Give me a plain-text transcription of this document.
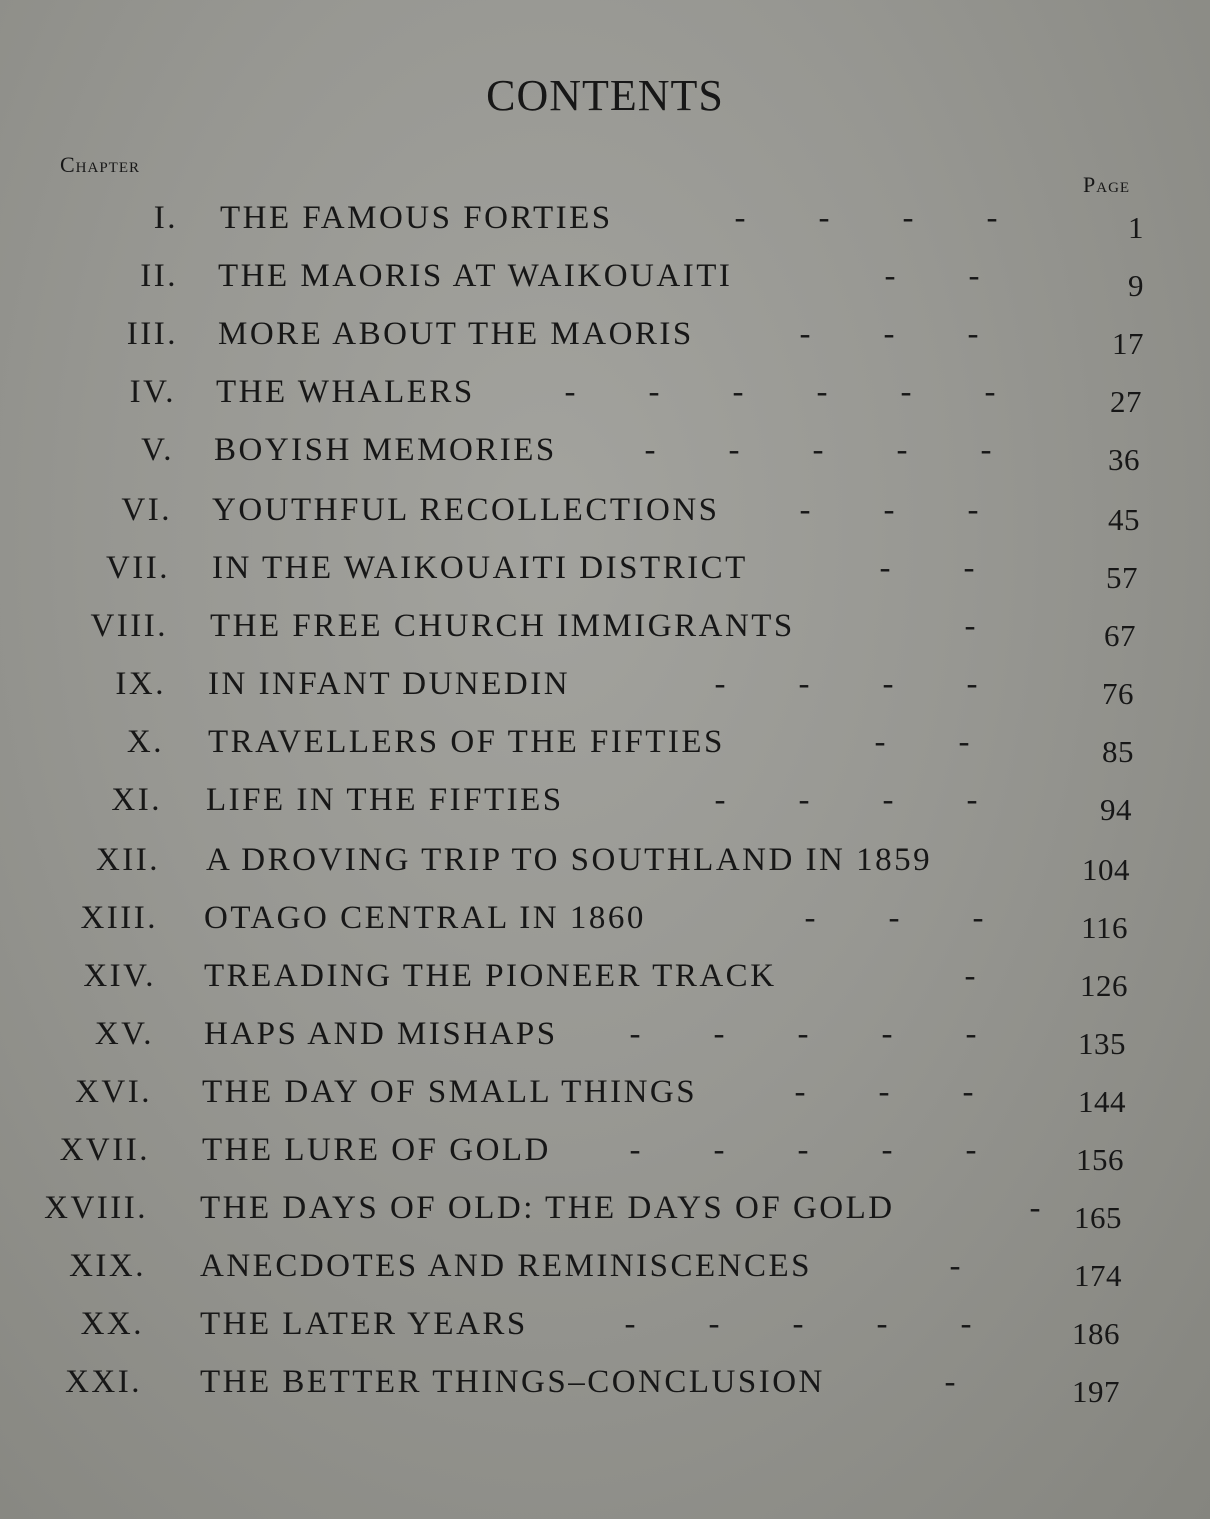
CONTENTS
Chapter
Page
I. THE FAMOUS FORTIES	- - - -	1
II. THE MAORIS AT WAIKOUAITI	- -	9
III. MORE ABOUT THE MAORIS	- - -	17
IV. THE WHALERS	- - - - - -	27
V. BOYISH MEMORIES	- - - - -	36
VI. YOUTHFUL RECOLLECTIONS	- - -	45
VII. IN THE WAIKOUAITI DISTRICT	- -	57
VIII. THE FREE CHURCH IMMIGRANTS	-	67
IX. IN INFANT DUNEDIN	- - - -	76
X. TRAVELLERS OF THE FIFTIES	- -	85
XI. LIFE IN THE FIFTIES	- - - -	94
XII. A DROVING TRIP TO SOUTHLAND IN 1859	104
XIII. OTAGO CENTRAL IN 1860	- - -	116
XIV. TREADING THE PIONEER TRACK	-	126
XV. HAPS AND MISHAPS	- - - - -	135
XVI. THE DAY OF SMALL THINGS	- - -	144
XVII. THE LURE OF GOLD	- - - - -	156
XVIII. THE DAYS OF OLD: THE DAYS OF GOLD	-	165
XIX. ANECDOTES AND REMINISCENCES	-	174
XX. THE LATER YEARS	- - - - -	186
XXI. THE BETTER THINGS–CONCLUSION	-	197
